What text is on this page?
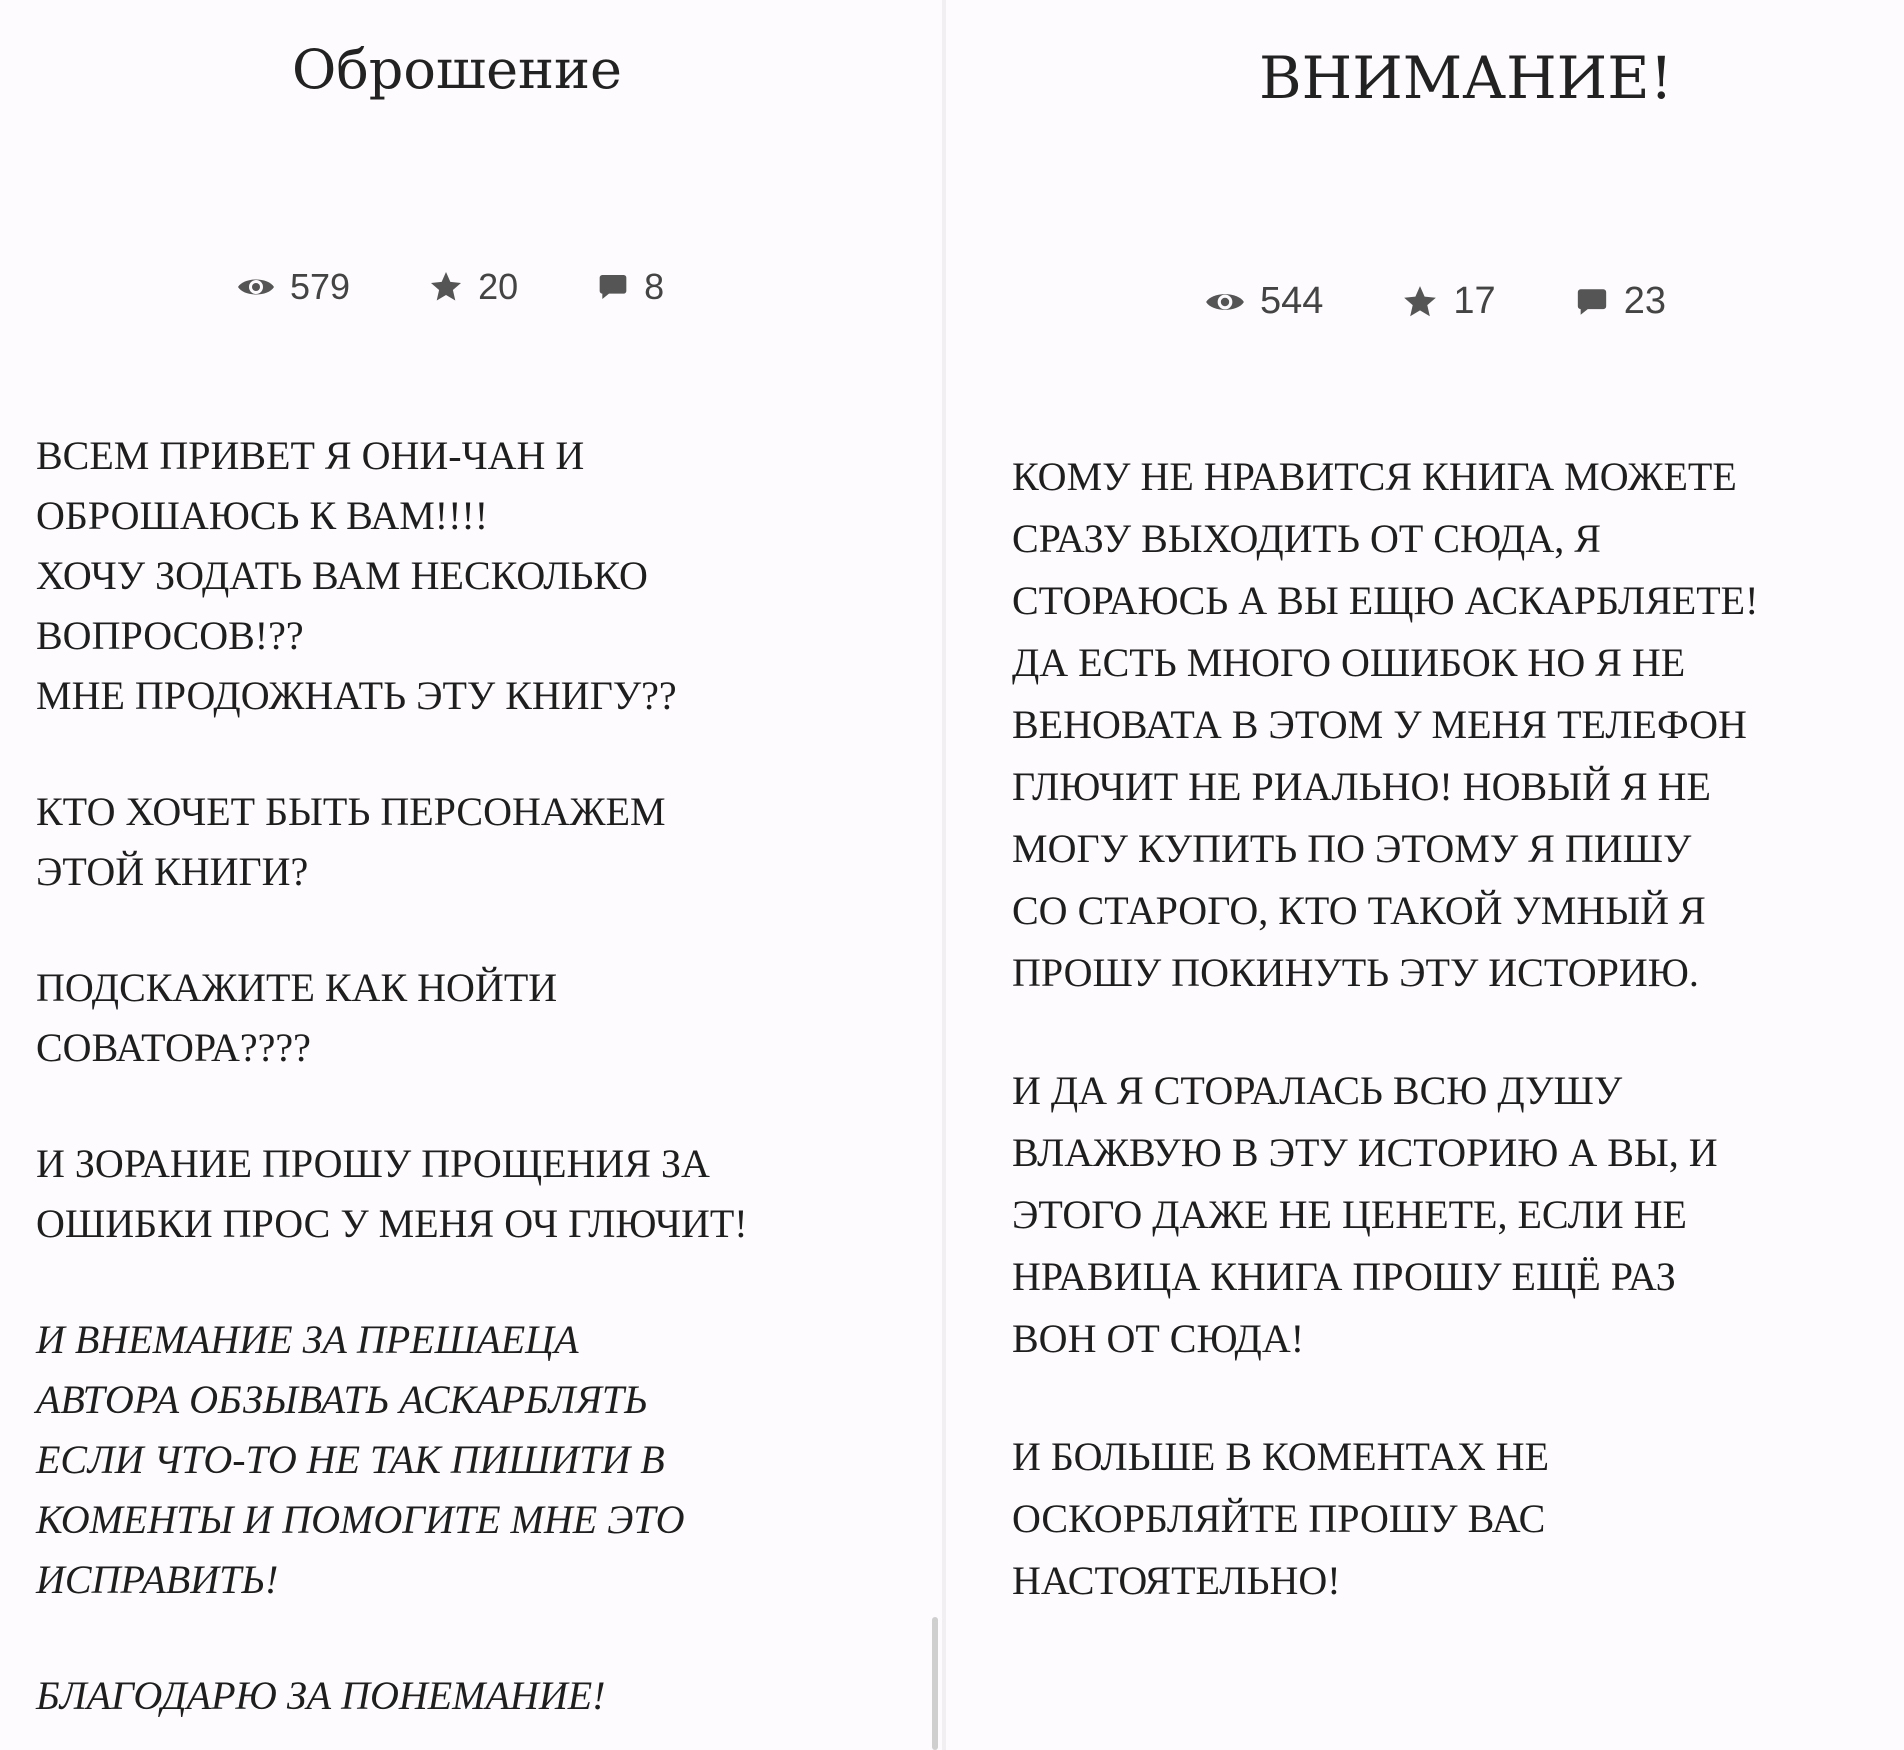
Оброшение
579	20	8

ВСЕМ ПРИВЕТ Я ОНИ-ЧАН И
ОБРОШАЮСЬ К ВАМ!!!!
ХОЧУ ЗОДАТЬ ВАМ НЕСКОЛЬКО
ВОПРОСОВ!??
МНЕ ПРОДОЖНАТЬ ЭТУ КНИГУ??

КТО ХОЧЕТ БЫТЬ ПЕРСОНАЖЕМ
ЭТОЙ КНИГИ?

ПОДСКАЖИТЕ КАК НОЙТИ
СОВАТОРА????

И ЗОРАНИЕ ПРОШУ ПРОЩЕНИЯ ЗА
ОШИБКИ ПРОС У МЕНЯ ОЧ ГЛЮЧИТ!

И ВНЕМАНИЕ ЗА ПРЕШАЕЦА
АВТОРА ОБЗЫВАТЬ АСКАРБЛЯТЬ
ЕСЛИ ЧТО-ТО НЕ ТАК ПИШИТИ В
КОМЕНТЫ И ПОМОГИТЕ МНЕ ЭТО
ИСПРАВИТЬ!

БЛАГОДАРЮ ЗА ПОНЕМАНИЕ!

ВНИМАНИЕ!
544	17	23

КОМУ НЕ НРАВИТСЯ КНИГА МОЖЕТЕ
СРАЗУ ВЫХОДИТЬ ОТ СЮДА, Я
СТОРАЮСЬ А ВЫ ЕЩЮ АСКАРБЛЯЕТЕ!
ДА ЕСТЬ МНОГО ОШИБОК НО Я НЕ
ВЕНОВАТА В ЭТОМ У МЕНЯ ТЕЛЕФОН
ГЛЮЧИТ НЕ РИАЛЬНО! НОВЫЙ Я НЕ
МОГУ КУПИТЬ ПО ЭТОМУ Я ПИШУ
СО СТАРОГО, КТО ТАКОЙ УМНЫЙ Я
ПРОШУ ПОКИНУТЬ ЭТУ ИСТОРИЮ.

И ДА Я СТОРАЛАСЬ ВСЮ ДУШУ
ВЛАЖВУЮ В ЭТУ ИСТОРИЮ А ВЫ, И
ЭТОГО ДАЖЕ НЕ ЦЕНЕТЕ, ЕСЛИ НЕ
НРАВИЦА КНИГА ПРОШУ ЕЩЁ РАЗ
ВОН ОТ СЮДА!

И БОЛЬШЕ В КОМЕНТАХ НЕ
ОСКОРБЛЯЙТЕ ПРОШУ ВАС
НАСТОЯТЕЛЬНО!
